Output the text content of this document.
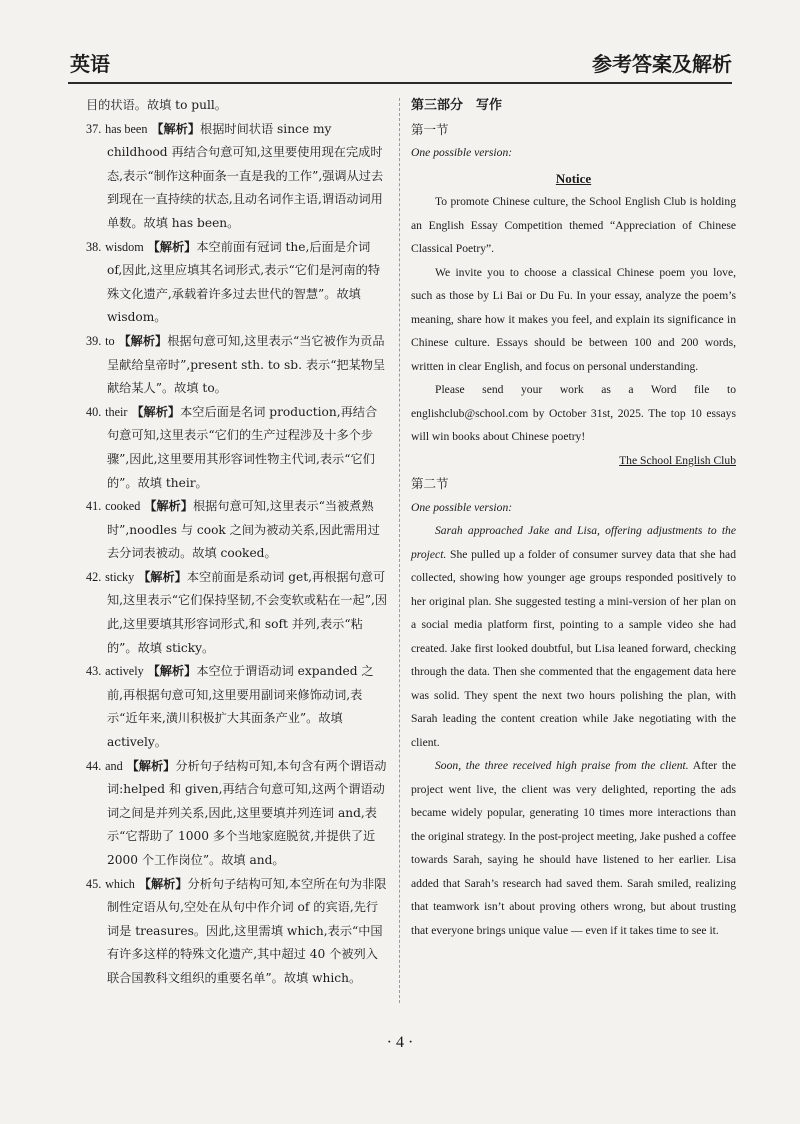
英语	参考答案及解析

目的状语。故填 to pull。

37. has been 【解析】根据时间状语 since my childhood 再结合句意可知,这里要使用现在完成时态,表示“制作这种面条一直是我的工作”,强调从过去到现在一直持续的状态,且动名词作主语,谓语动词用单数。故填 has been。

38. wisdom 【解析】本空前面有冠词 the,后面是介词 of,因此,这里应填其名词形式,表示“它们是河南的特殊文化遗产,承载着许多过去世代的智慧”。故填 wisdom。

39. to 【解析】根据句意可知,这里表示“当它被作为贡品呈献给皇帝时”,present sth. to sb. 表示“把某物呈献给某人”。故填 to。

40. their 【解析】本空后面是名词 production,再结合句意可知,这里表示“它们的生产过程涉及十多个步骤”,因此,这里要用其形容词性物主代词,表示“它们的”。故填 their。

41. cooked 【解析】根据句意可知,这里表示“当被煮熟时”,noodles 与 cook 之间为被动关系,因此需用过去分词表被动。故填 cooked。

42. sticky 【解析】本空前面是系动词 get,再根据句意可知,这里表示“它们保持坚韧,不会变软或粘在一起”,因此,这里要填其形容词形式,和 soft 并列,表示“粘的”。故填 sticky。

43. actively 【解析】本空位于谓语动词 expanded 之前,再根据句意可知,这里要用副词来修饰动词,表示“近年来,潢川积极扩大其面条产业”。故填 actively。

44. and 【解析】分析句子结构可知,本句含有两个谓语动词:helped 和 given,再结合句意可知,这两个谓语动词之间是并列关系,因此,这里要填并列连词 and,表示“它帮助了 1000 多个当地家庭脱贫,并提供了近 2000 个工作岗位”。故填 and。

45. which 【解析】分析句子结构可知,本空所在句为非限制性定语从句,空处在从句中作介词 of 的宾语,先行词是 treasures。因此,这里需填 which,表示“中国有许多这样的特殊文化遗产,其中超过 40 个被列入联合国教科文组织的重要名单”。故填 which。

第三部分　写作

第一节

One possible version:

Notice

To promote Chinese culture, the School English Club is holding an English Essay Competition themed “Appreciation of Chinese Classical Poetry”.

We invite you to choose a classical Chinese poem you love, such as those by Li Bai or Du Fu. In your essay, analyze the poem’s meaning, share how it makes you feel, and explain its significance in Chinese culture. Essays should be between 100 and 200 words, written in clear English, and focus on personal understanding.

Please send your work as a Word file to englishclub@school.com by October 31st, 2025. The top 10 essays will win books about Chinese poetry!

The School English Club

第二节

One possible version:

Sarah approached Jake and Lisa, offering adjustments to the project. She pulled up a folder of consumer survey data that she had collected, showing how younger age groups responded positively to her original plan. She suggested testing a mini-version of her plan on a social media platform first, pointing to a sample video she had created. Jake first looked doubtful, but Lisa leaned forward, checking through the data. Then she commented that the engagement data here was solid. They spent the next two hours polishing the plan, with Sarah leading the content creation while Jake negotiating with the client.

Soon, the three received high praise from the client. After the project went live, the client was very delighted, reporting the ads became widely popular, generating 10 times more interactions than the original strategy. In the post-project meeting, Jake pushed a coffee towards Sarah, saying he should have listened to her earlier. Lisa added that Sarah’s research had saved them. Sarah smiled, realizing that teamwork isn’t about proving others wrong, but about trusting that everyone brings unique value — even if it takes time to see it.

· 4 ·
